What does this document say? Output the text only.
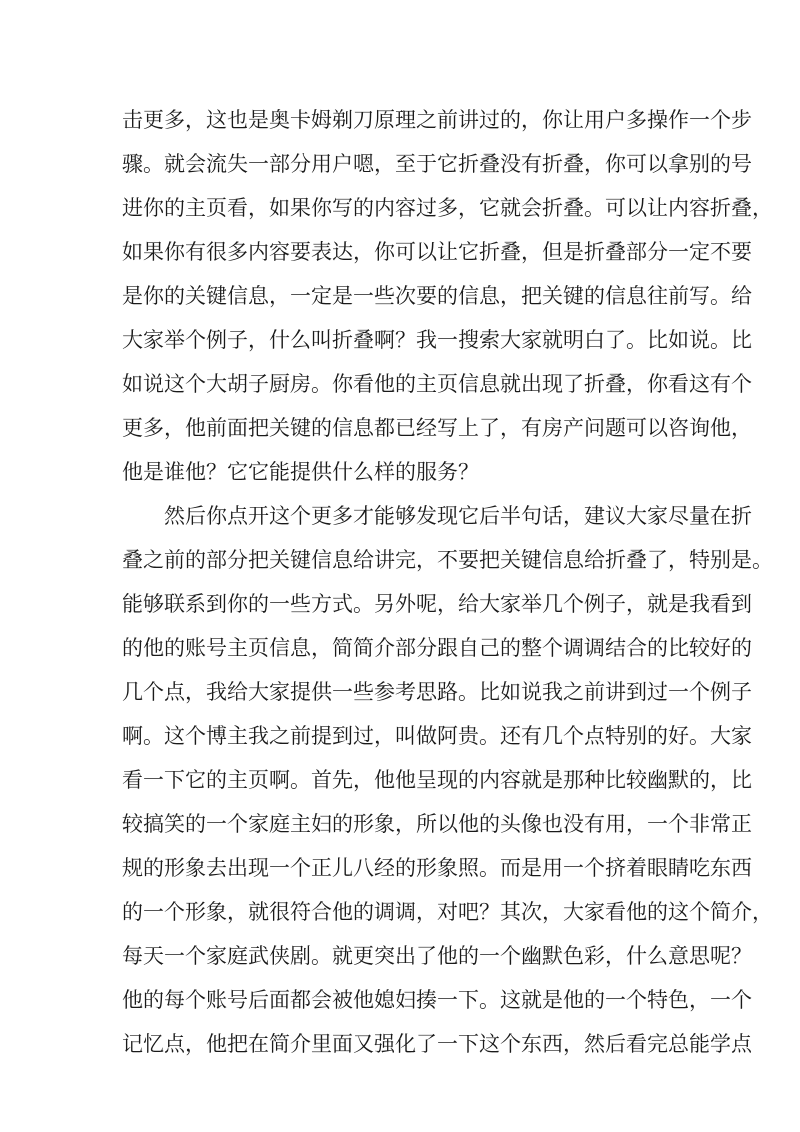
击更多，这也是奥卡姆剃刀原理之前讲过的，你让用户多操作一个步
骤。就会流失一部分用户嗯，至于它折叠没有折叠，你可以拿别的号
进你的主页看，如果你写的内容过多，它就会折叠。可以让内容折叠，
如果你有很多内容要表达，你可以让它折叠，但是折叠部分一定不要
是你的关键信息，一定是一些次要的信息，把关键的信息往前写。给
大家举个例子，什么叫折叠啊？我一搜索大家就明白了。比如说。比
如说这个大胡子厨房。你看他的主页信息就出现了折叠，你看这有个
更多，他前面把关键的信息都已经写上了，有房产问题可以咨询他，
他是谁他？它它能提供什么样的服务？
然后你点开这个更多才能够发现它后半句话，建议大家尽量在折
叠之前的部分把关键信息给讲完，不要把关键信息给折叠了，特别是。
能够联系到你的一些方式。另外呢，给大家举几个例子，就是我看到
的他的账号主页信息，简简介部分跟自己的整个调调结合的比较好的
几个点，我给大家提供一些参考思路。比如说我之前讲到过一个例子
啊。这个博主我之前提到过，叫做阿贵。还有几个点特别的好。大家
看一下它的主页啊。首先，他他呈现的内容就是那种比较幽默的，比
较搞笑的一个家庭主妇的形象，所以他的头像也没有用，一个非常正
规的形象去出现一个正儿八经的形象照。而是用一个挤着眼睛吃东西
的一个形象，就很符合他的调调，对吧？其次，大家看他的这个简介，
每天一个家庭武侠剧。就更突出了他的一个幽默色彩，什么意思呢？
他的每个账号后面都会被他媳妇揍一下。这就是他的一个特色，一个
记忆点，他把在简介里面又强化了一下这个东西，然后看完总能学点
